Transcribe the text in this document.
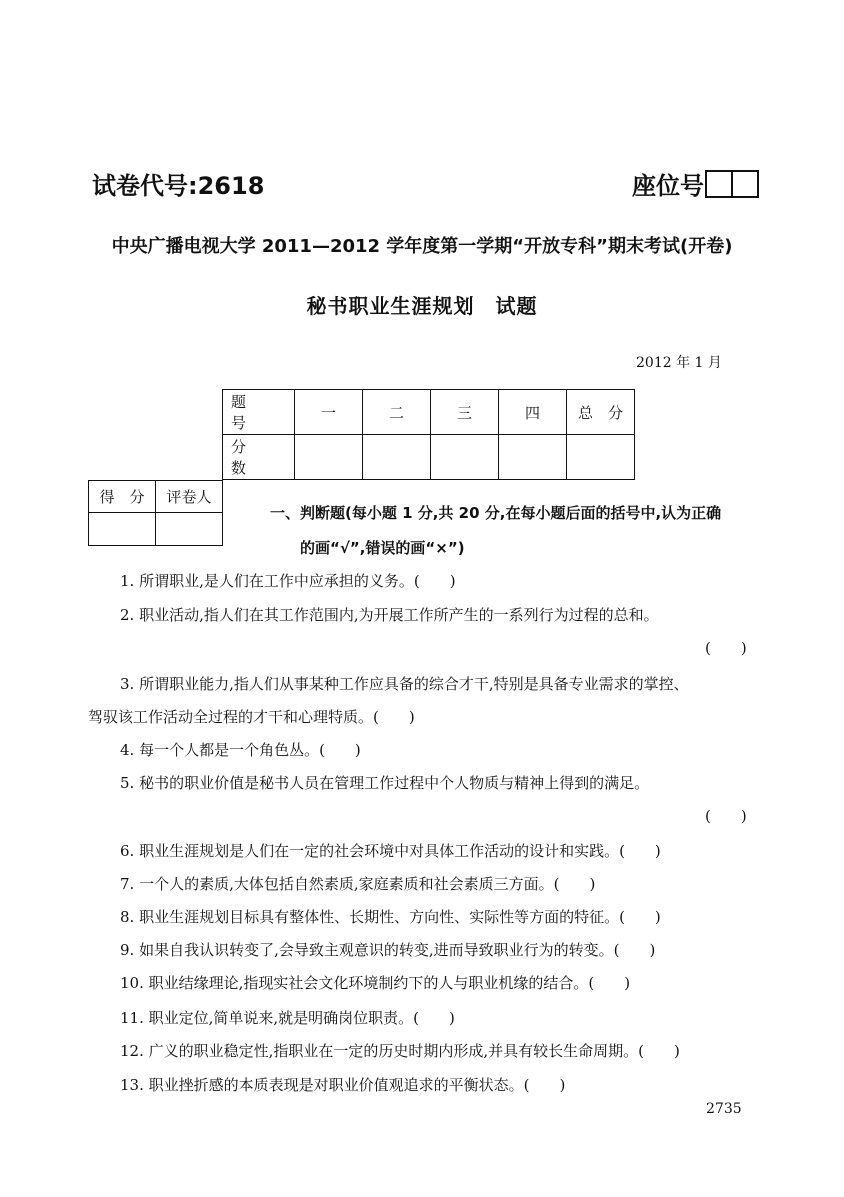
试卷代号:2618	座位号
中央广播电视大学 2011—2012 学年度第一学期“开放专科”期末考试(开卷)
秘书职业生涯规划　试题
2012 年 1 月
题　号	一	二	三	四	总　分
分　数					
得　分	评卷人

一、判断题(每小题 1 分,共 20 分,在每小题后面的括号中,认为正确
的画“√”,错误的画“×”)
1. 所谓职业,是人们在工作中应承担的义务。(　　)
2. 职业活动,指人们在其工作范围内,为开展工作所产生的一系列行为过程的总和。
(　　)
3. 所谓职业能力,指人们从事某种工作应具备的综合才干,特别是具备专业需求的掌控、
驾驭该工作活动全过程的才干和心理特质。(　　)
4. 每一个人都是一个角色丛。(　　)
5. 秘书的职业价值是秘书人员在管理工作过程中个人物质与精神上得到的满足。
(　　)
6. 职业生涯规划是人们在一定的社会环境中对具体工作活动的设计和实践。(　　)
7. 一个人的素质,大体包括自然素质,家庭素质和社会素质三方面。(　　)
8. 职业生涯规划目标具有整体性、长期性、方向性、实际性等方面的特征。(　　)
9. 如果自我认识转变了,会导致主观意识的转变,进而导致职业行为的转变。(　　)
10. 职业结缘理论,指现实社会文化环境制约下的人与职业机缘的结合。(　　)
11. 职业定位,简单说来,就是明确岗位职责。(　　)
12. 广义的职业稳定性,指职业在一定的历史时期内形成,并具有较长生命周期。(　　)
13. 职业挫折感的本质表现是对职业价值观追求的平衡状态。(　　)
2735
